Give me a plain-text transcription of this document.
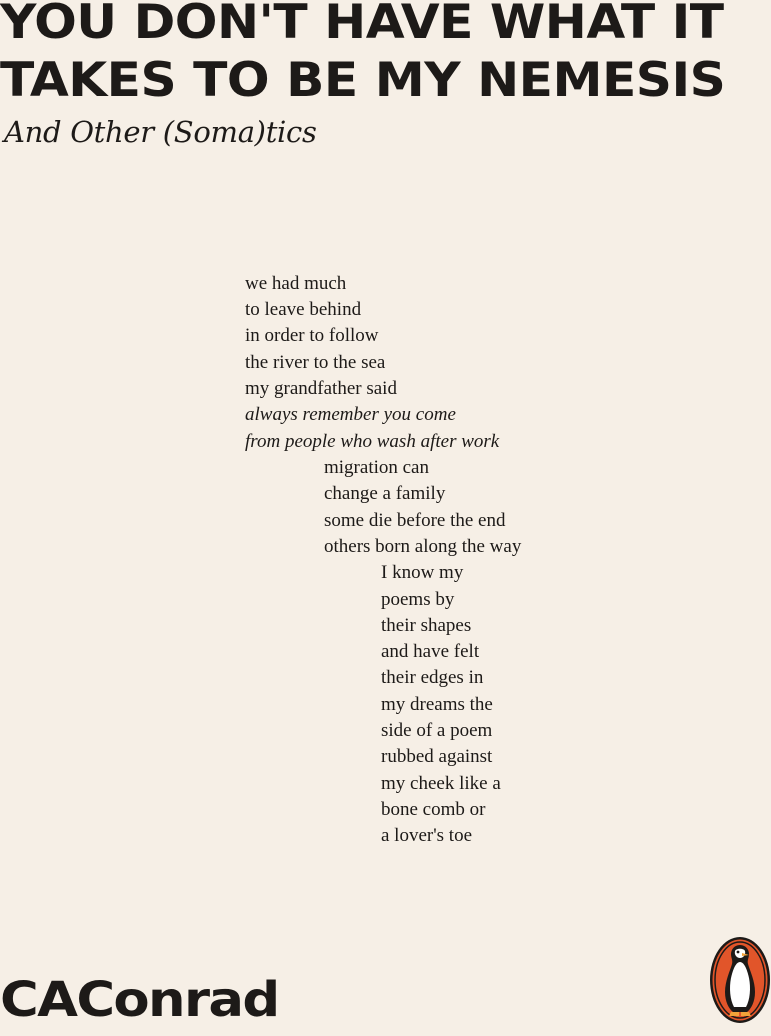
YOU DON'T HAVE WHAT IT
TAKES TO BE MY NEMESIS
And Other (Soma)tics
we had much
to leave behind
in order to follow
the river to the sea
my grandfather said
always remember you come
from people who wash after work
migration can
change a family
some die before the end
others born along the way
I know my
poems by
their shapes
and have felt
their edges in
my dreams the
side of a poem
rubbed against
my cheek like a
bone comb or
a lover's toe
CAConrad
